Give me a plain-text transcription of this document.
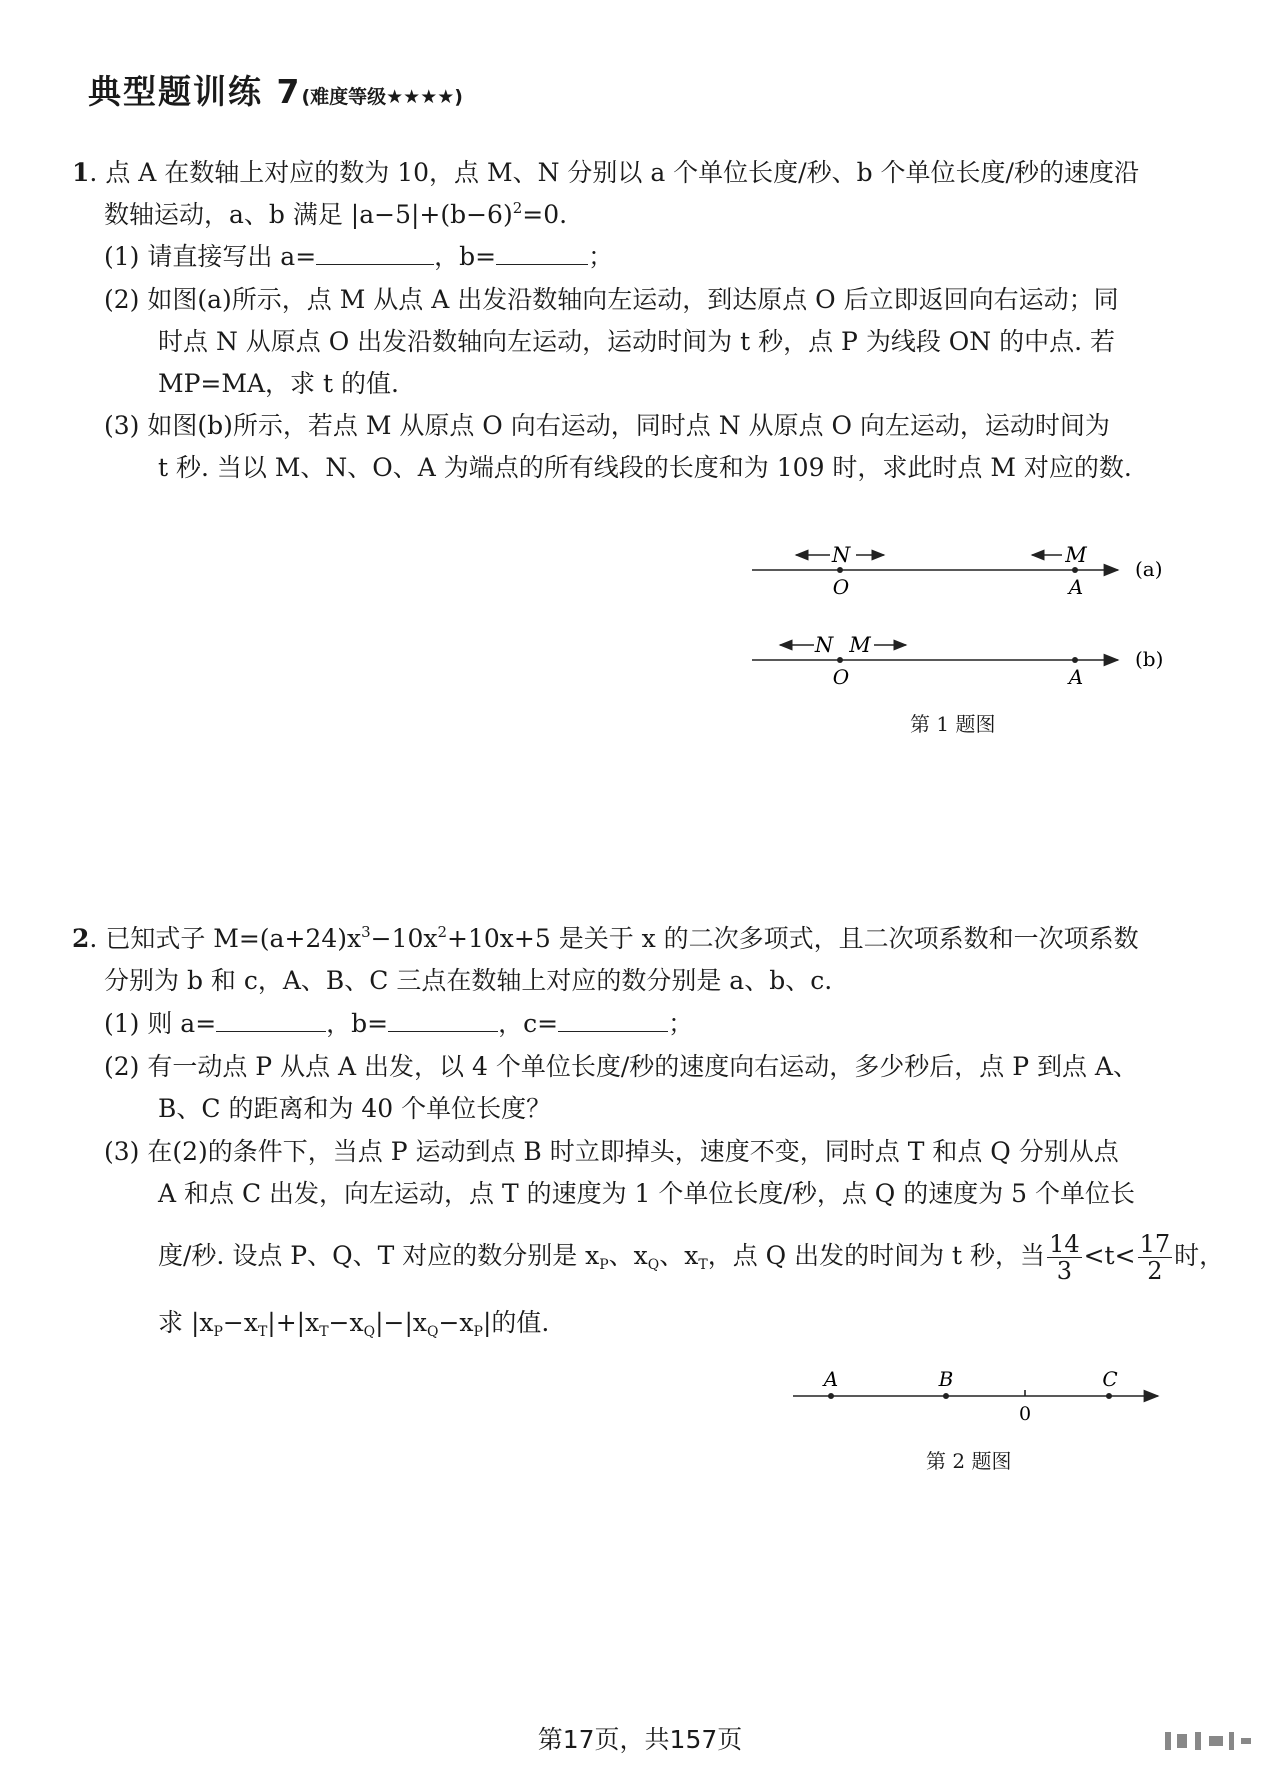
典型题训练 7(难度等级★★★★)
1. 点 A 在数轴上对应的数为 10，点 M、N 分别以 a 个单位长度/秒、b 个单位长度/秒的速度沿
数轴运动，a、b 满足 $|a-5|+(b-6)^2=0$.
(1) 请直接写出 a=	，b=	；
(2) 如图(a)所示，点 M 从点 A 出发沿数轴向左运动，到达原点 O 后立即返回向右运动；同
时点 N 从原点 O 出发沿数轴向左运动，运动时间为 t 秒，点 P 为线段 ON 的中点. 若
MP=MA，求 t 的值.
(3) 如图(b)所示，若点 M 从原点 O 向右运动，同时点 N 从原点 O 向左运动，运动时间为
t 秒. 当以 M、N、O、A 为端点的所有线段的长度和为 109 时，求此时点 M 对应的数.
N	M
O	A
(a)
N M
O	A
(b)
第 1 题图
2. 已知式子 $M=(a+24)x^3-10x^2+10x+5$ 是关于 x 的二次多项式，且二次项系数和一次项系数
分别为 b 和 c，A、B、C 三点在数轴上对应的数分别是 a、b、c.
(1) 则 a=	，b=	，c=	；
(2) 有一动点 P 从点 A 出发，以 4 个单位长度/秒的速度向右运动，多少秒后，点 P 到点 A、
B、C 的距离和为 40 个单位长度？
(3) 在(2)的条件下，当点 P 运动到点 B 时立即掉头，速度不变，同时点 T 和点 Q 分别从点
A 和点 C 出发，向左运动，点 T 的速度为 1 个单位长度/秒，点 Q 的速度为 5 个单位长
度/秒. 设点 P、Q、T 对应的数分别是 $x_P$、$x_Q$、$x_T$，点 Q 出发的时间为 t 秒，当 $\frac{14}{3} <t< \frac{17}{2}$ 时，
求 $|x_P-x_T|+|x_T-x_Q|-|x_Q-x_P|$的值.
A	B	C
0
第 2 题图
第17页，共157页
